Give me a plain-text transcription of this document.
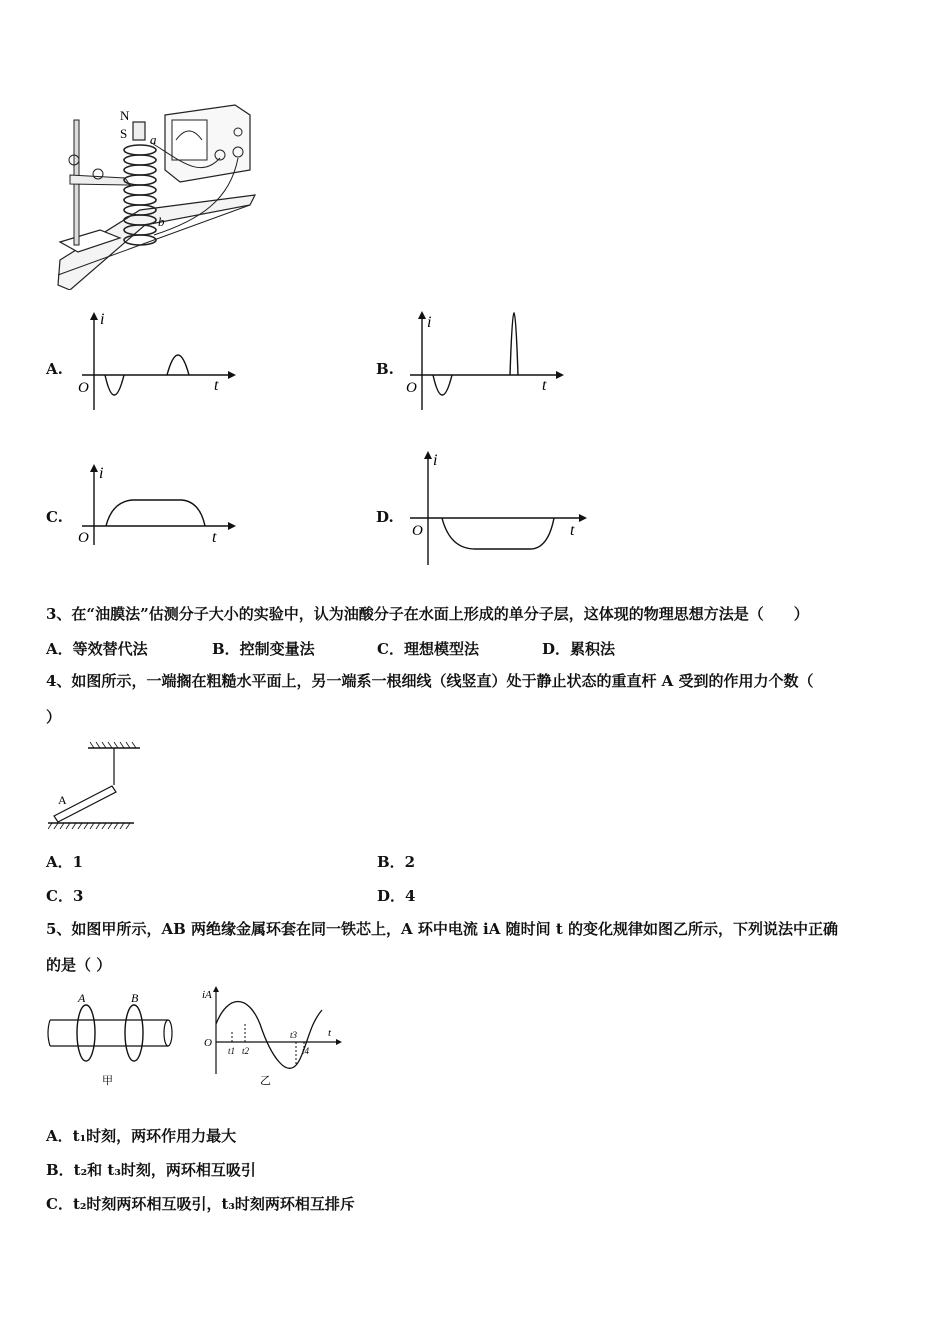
N
S a
b
A.
i
t
O
B.
i
t
O
C.
i
t
O
D.
i
t
O
3、在“油膜法”估测分子大小的实验中，认为油酸分子在水面上形成的单分子层，这体现的物理思想方法是（　　）
A．等效替代法	B．控制变量法	C．理想模型法	D．累积法
4、如图所示，一端搁在粗糙水平面上，另一端系一根细线（线竖直）处于静止状态的重直杆 A 受到的作用力个数（
）
A
A．1	B．2
C．3	D．4
5、如图甲所示，AB 两绝缘金属环套在同一铁芯上，A 环中电流 iA 随时间 t 的变化规律如图乙所示，下列说法中正确
的是（ ）
A	B
甲
iA
t
O
t1 t2
t3
t4
乙
A．t₁时刻，两环作用力最大
B．t₂和 t₃时刻，两环相互吸引
C．t₂时刻两环相互吸引，t₃时刻两环相互排斥
